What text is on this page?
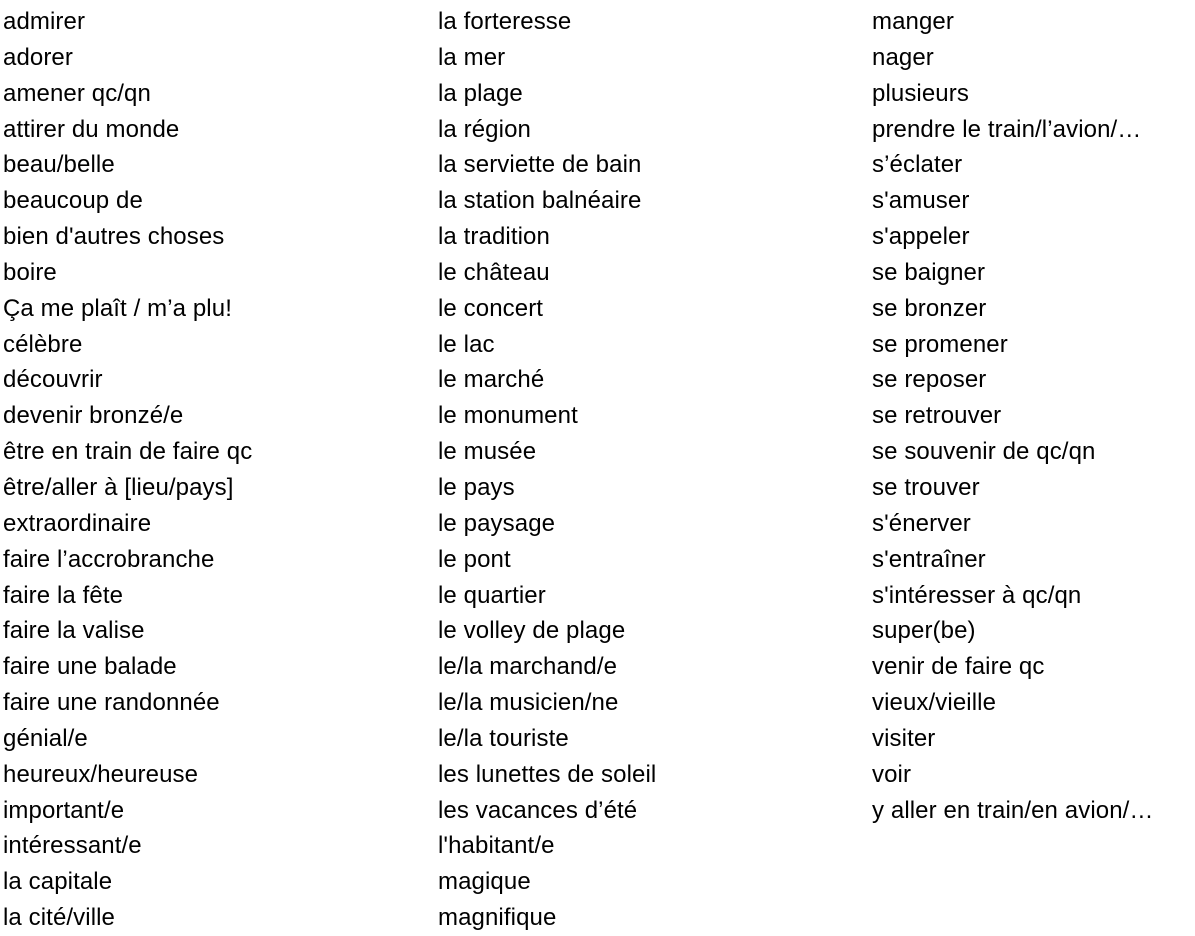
admirer
adorer
amener qc/qn
attirer du monde
beau/belle
beaucoup de
bien d'autres choses
boire
Ça me plaît / m’a plu!
célèbre
découvrir
devenir bronzé/e
être en train de faire qc
être/aller à [lieu/pays]
extraordinaire
faire l’accrobranche
faire la fête
faire la valise
faire une balade
faire une randonnée
génial/e
heureux/heureuse
important/e
intéressant/e
la capitale
la cité/ville
la forteresse
la mer
la plage
la région
la serviette de bain
la station balnéaire
la tradition
le château
le concert
le lac
le marché
le monument
le musée
le pays
le paysage
le pont
le quartier
le volley de plage
le/la marchand/e
le/la musicien/ne
le/la touriste
les lunettes de soleil
les vacances d’été
l'habitant/e
magique
magnifique
manger
nager
plusieurs
prendre le train/l’avion/…
s’éclater
s'amuser
s'appeler
se baigner
se bronzer
se promener
se reposer
se retrouver
se souvenir de qc/qn
se trouver
s'énerver
s'entraîner
s'intéresser à qc/qn
super(be)
venir de faire qc
vieux/vieille
visiter
voir
y aller en train/en avion/…
